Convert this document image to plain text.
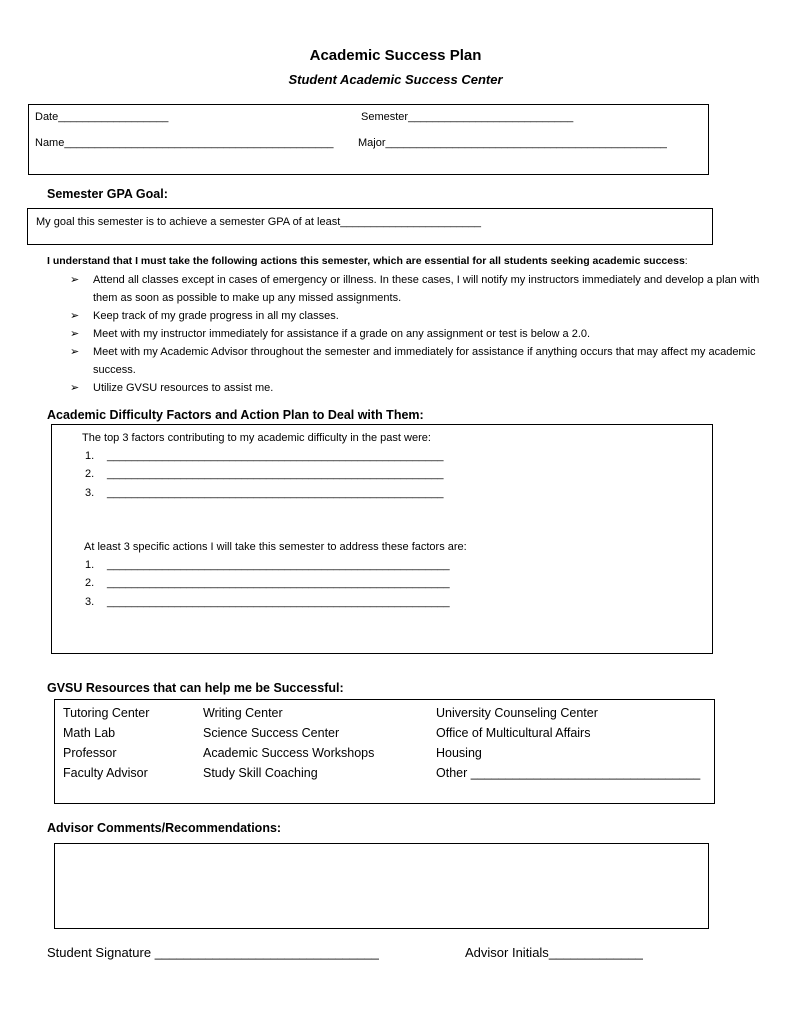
Academic Success Plan
Student Academic Success Center
Date__________________	Semester___________________________
Name____________________________________________ Major______________________________________________
Semester GPA Goal:
My goal this semester is to achieve a semester GPA of at least_______________________
I understand that I must take the following actions this semester, which are essential for all students seeking academic success:
➢ Attend all classes except in cases of emergency or illness. In these cases, I will notify my instructors immediately and develop a plan with them as soon as possible to make up any missed assignments.
➢ Keep track of my grade progress in all my classes.
➢ Meet with my instructor immediately for assistance if a grade on any assignment or test is below a 2.0.
➢ Meet with my Academic Advisor throughout the semester and immediately for assistance if anything occurs that may affect my academic success.
➢ Utilize GVSU resources to assist me.
Academic Difficulty Factors and Action Plan to Deal with Them:
The top 3 factors contributing to my academic difficulty in the past were:
1. _______________________________________________________
2. _______________________________________________________
3. _______________________________________________________
At least 3 specific actions I will take this semester to address these factors are:
1. ________________________________________________________
2. ________________________________________________________
3. ________________________________________________________
GVSU Resources that can help me be Successful:
Tutoring Center
Math Lab
Professor
Faculty Advisor
Writing Center
Science Success Center
Academic Success Workshops
Study Skill Coaching
University Counseling Center
Office of Multicultural Affairs
Housing
Other _________________________________
Advisor Comments/Recommendations:
Student Signature _______________________________	Advisor Initials_____________
